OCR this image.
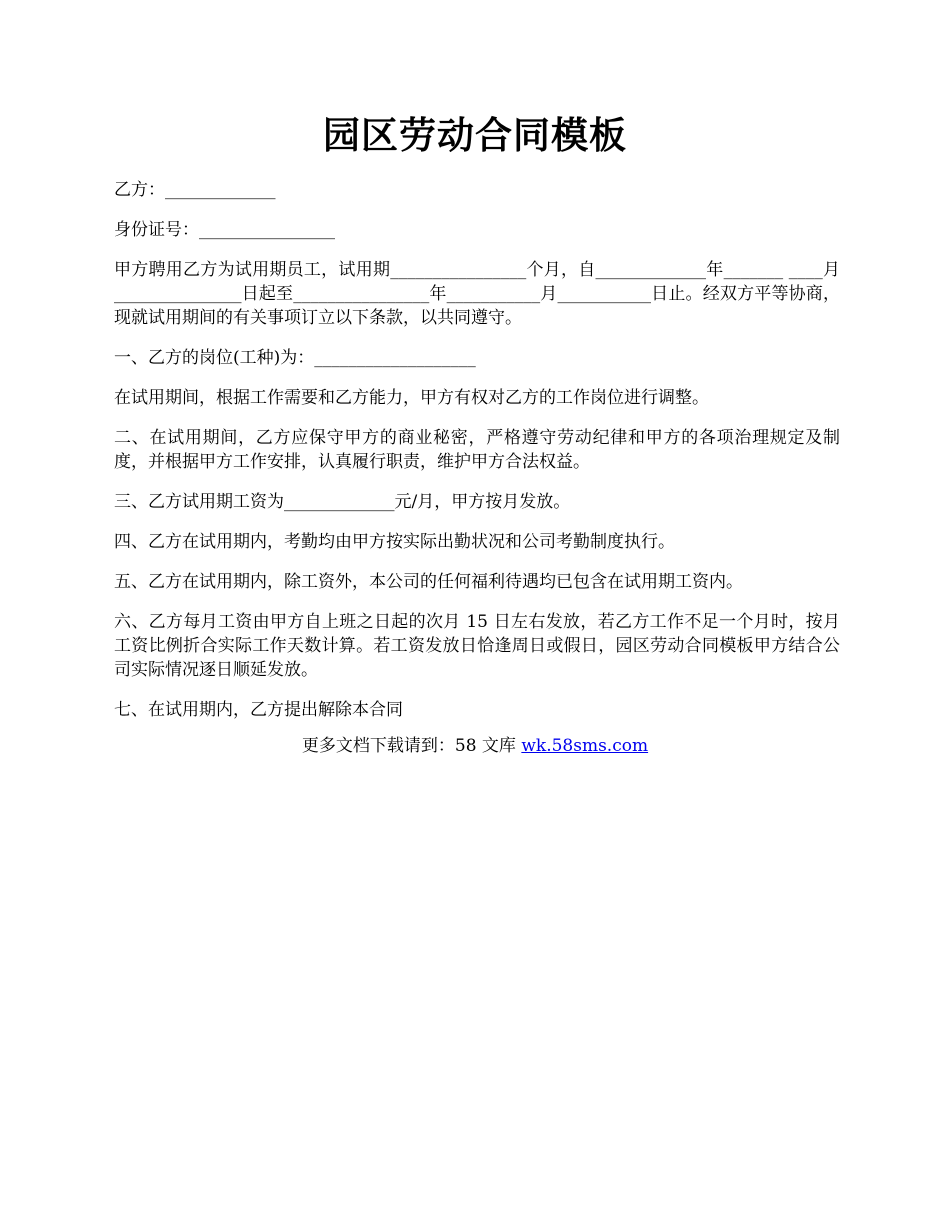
园区劳动合同模板

乙方：_____________

身份证号：________________

甲方聘用乙方为试用期员工，试用期________________个月，自_____________年_______ ____月_______________日起至________________年___________月___________日止。经双方平等协商，现就试用期间的有关事项订立以下条款，以共同遵守。

一、乙方的岗位(工种)为：___________________

在试用期间，根据工作需要和乙方能力，甲方有权对乙方的工作岗位进行调整。

二、在试用期间，乙方应保守甲方的商业秘密，严格遵守劳动纪律和甲方的各项治理规定及制度，并根据甲方工作安排，认真履行职责，维护甲方合法权益。

三、乙方试用期工资为_____________元/月，甲方按月发放。

四、乙方在试用期内，考勤均由甲方按实际出勤状况和公司考勤制度执行。

五、乙方在试用期内，除工资外，本公司的任何福利待遇均已包含在试用期工资内。

六、乙方每月工资由甲方自上班之日起的次月 15 日左右发放，若乙方工作不足一个月时，按月工资比例折合实际工作天数计算。若工资发放日恰逢周日或假日，园区劳动合同模板甲方结合公司实际情况逐日顺延发放。

七、在试用期内，乙方提出解除本合同

更多文档下载请到：58 文库 wk.58sms.com
